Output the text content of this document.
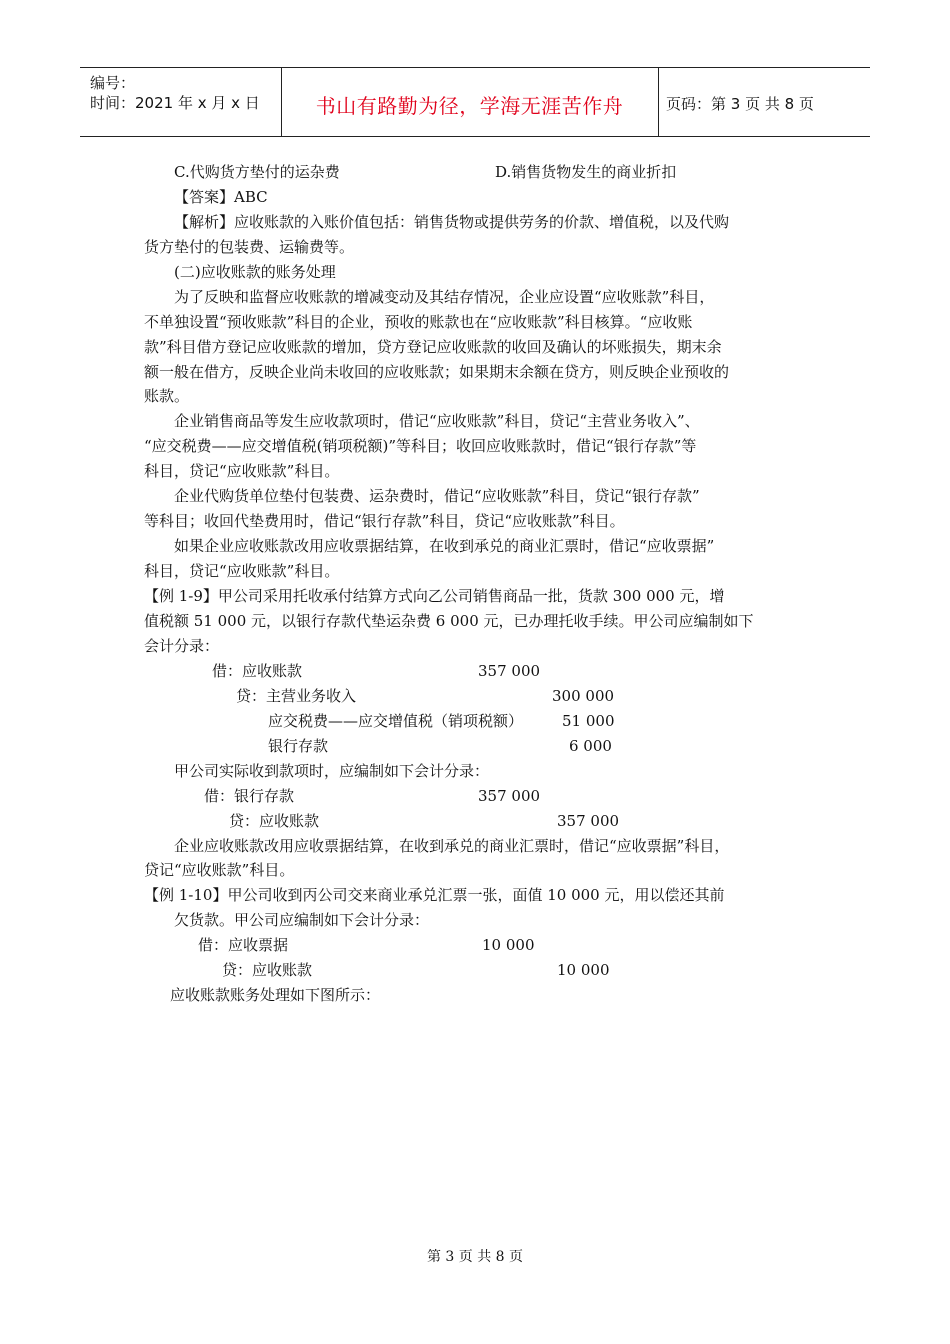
编号：
时间：2021 年 x 月 x 日	书山有路勤为径，学海无涯苦作舟	页码：第 3 页 共 8 页
C.代购货方垫付的运杂费	D.销售货物发生的商业折扣
【答案】ABC
【解析】应收账款的入账价值包括：销售货物或提供劳务的价款、增值税，以及代购
货方垫付的包装费、运输费等。
(二)应收账款的账务处理
为了反映和监督应收账款的增减变动及其结存情况，企业应设置“应收账款”科目，
不单独设置“预收账款”科目的企业，预收的账款也在“应收账款”科目核算。“应收账
款”科目借方登记应收账款的增加，贷方登记应收账款的收回及确认的坏账损失，期末余
额一般在借方，反映企业尚未收回的应收账款；如果期末余额在贷方，则反映企业预收的
账款。
企业销售商品等发生应收款项时，借记“应收账款”科目，贷记“主营业务收入”、
“应交税费——应交增值税(销项税额)”等科目；收回应收账款时，借记“银行存款”等
科目，贷记“应收账款”科目。
企业代购货单位垫付包装费、运杂费时，借记“应收账款”科目，贷记“银行存款”
等科目；收回代垫费用时，借记“银行存款”科目，贷记“应收账款”科目。
如果企业应收账款改用应收票据结算，在收到承兑的商业汇票时，借记“应收票据”
科目，贷记“应收账款”科目。
【例 1-9】甲公司采用托收承付结算方式向乙公司销售商品一批，货款 300 000 元，增
值税额 51 000 元，以银行存款代垫运杂费 6 000 元，已办理托收手续。甲公司应编制如下
会计分录：
借：应收账款	357 000
贷：主营业务收入	300 000
应交税费——应交增值税（销项税额）	51 000
银行存款	6 000
甲公司实际收到款项时，应编制如下会计分录：
借：银行存款	357 000
贷：应收账款	357 000
企业应收账款改用应收票据结算，在收到承兑的商业汇票时，借记“应收票据”科目，
贷记“应收账款”科目。
【例 1-10】甲公司收到丙公司交来商业承兑汇票一张，面值 10 000 元，用以偿还其前
欠货款。甲公司应编制如下会计分录：
借：应收票据	10 000
贷：应收账款	10 000
应收账款账务处理如下图所示：
第 3 页 共 8 页
